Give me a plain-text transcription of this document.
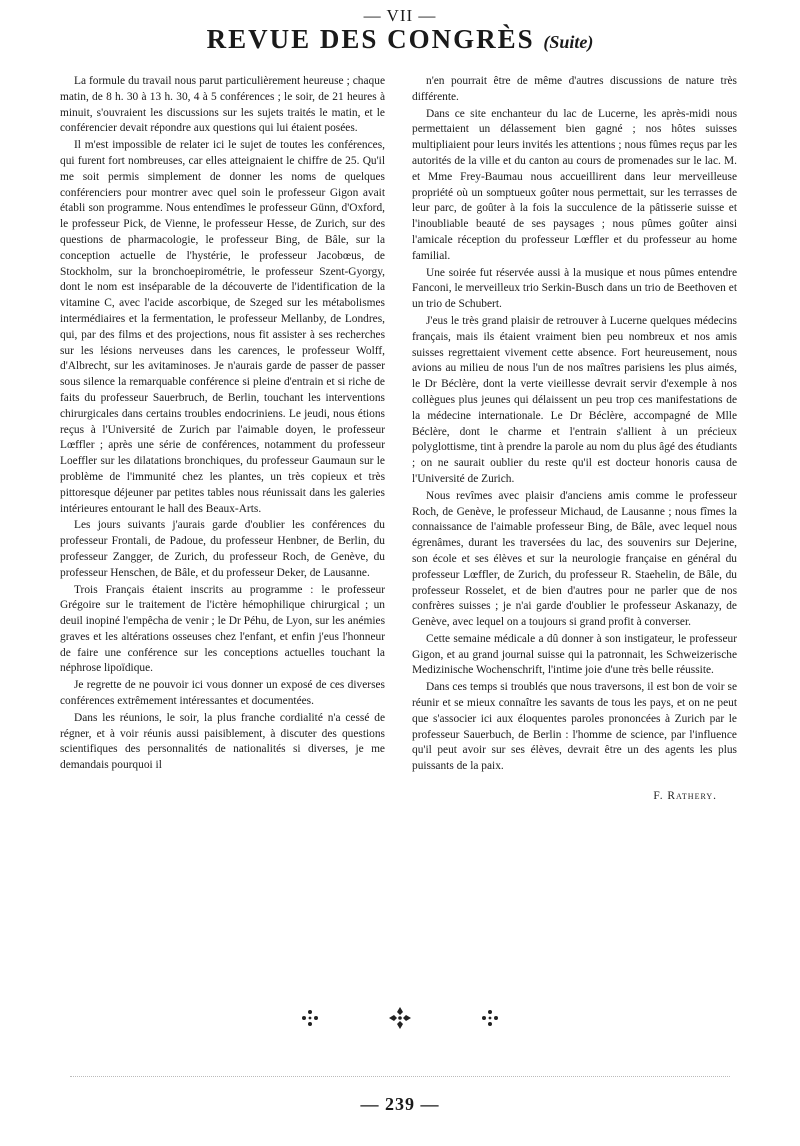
— VII —
REVUE DES CONGRÈS (Suite)

La formule du travail nous parut particulièrement heureuse ; chaque matin, de 8 h. 30 à 13 h. 30, 4 à 5 conférences ; le soir, de 21 heures à minuit, s'ouvraient les discussions sur les sujets traités le matin, et le conférencier devait répondre aux questions qui lui étaient posées.

Il m'est impossible de relater ici le sujet de toutes les conférences, qui furent fort nombreuses, car elles atteignaient le chiffre de 25. Qu'il me soit permis simplement de donner les noms de quelques conférenciers pour montrer avec quel soin le professeur Gigon avait établi son programme. Nous entendîmes le professeur Günn, d'Oxford, le professeur Pick, de Vienne, le professeur Hesse, de Zurich, sur des questions de pharmacologie, le professeur Bing, de Bâle, sur la conception actuelle de l'hystérie, le professeur Jacobœus, de Stockholm, sur la bronchoepirométrie, le professeur Szent-Gyorgy, dont le nom est inséparable de la découverte de l'identification de la vitamine C, avec l'acide ascorbique, de Szeged sur les métabolismes intermédiaires et la fermentation, le professeur Mellanby, de Londres, qui, par des films et des projections, nous fit assister à ses recherches sur les lésions nerveuses dans les carences, le professeur Wolff, d'Albrecht, sur les avitaminoses. Je n'aurais garde de passer de passer sous silence la remarquable conférence si pleine d'entrain et si riche de faits du professeur Sauerbruch, de Berlin, touchant les interventions chirurgicales dans certains troubles endocriniens. Le jeudi, nous étions reçus à l'Université de Zurich par l'aimable doyen, le professeur Lœffler ; après une série de conférences, notamment du professeur Loeffler sur les dilatations bronchiques, du professeur Gaumaun sur le problème de l'immunité chez les plantes, un très copieux et très pittoresque déjeuner par petites tables nous réunissait dans les galeries intérieures entourant le hall des Beaux-Arts.

Les jours suivants j'aurais garde d'oublier les conférences du professeur Frontali, de Padoue, du professeur Henbner, de Berlin, du professeur Zangger, de Zurich, du professeur Roch, de Genève, du professeur Henschen, de Bâle, et du professeur Deker, de Lausanne.

Trois Français étaient inscrits au programme : le professeur Grégoire sur le traitement de l'ictère hémophilique chirurgical ; un deuil inopiné l'empêcha de venir ; le Dr Péhu, de Lyon, sur les anémies graves et les altérations osseuses chez l'enfant, et enfin j'eus l'honneur de faire une conférence sur les conceptions actuelles touchant la néphrose lipoïdique.

Je regrette de ne pouvoir ici vous donner un exposé de ces diverses conférences extrêmement intéressantes et documentées.

Dans les réunions, le soir, la plus franche cordialité n'a cessé de régner, et à voir réunis aussi paisiblement, à discuter des questions scientifiques des personnalités de nationalités si diverses, je me demandais pourquoi il

n'en pourrait être de même d'autres discussions de nature très différente.

Dans ce site enchanteur du lac de Lucerne, les après-midi nous permettaient un délassement bien gagné ; nos hôtes suisses multipliaient pour leurs invités les attentions ; nous fûmes reçus par les autorités de la ville et du canton au cours de promenades sur le lac. M. et Mme Frey-Baumau nous accueillirent dans leur merveilleuse propriété où un somptueux goûter nous permettait, sur les terrasses de leur parc, de goûter à la fois la succulence de la pâtisserie suisse et l'inoubliable beauté de ses paysages ; nous pûmes goûter ainsi l'amicale réception du professeur Lœffler et du professeur au home familial.

Une soirée fut réservée aussi à la musique et nous pûmes entendre Fanconi, le merveilleux trio Serkin-Busch dans un trio de Beethoven et un trio de Schubert.

J'eus le très grand plaisir de retrouver à Lucerne quelques médecins français, mais ils étaient vraiment bien peu nombreux et nos amis suisses regrettaient vivement cette absence. Fort heureusement, nous avions au milieu de nous l'un de nos maîtres parisiens les plus aimés, le Dr Béclère, dont la verte vieillesse devrait servir d'exemple à nos collègues plus jeunes qui délaissent un peu trop ces manifestations de la médecine internationale. Le Dr Béclère, accompagné de Mlle Béclère, dont le charme et l'entrain s'allient à un précieux polyglottisme, tint à prendre la parole au nom du plus âgé des étudiants ; on ne saurait oublier du reste qu'il est docteur honoris causa de l'Université de Zurich.

Nous revîmes avec plaisir d'anciens amis comme le professeur Roch, de Genève, le professeur Michaud, de Lausanne ; nous fîmes la connaissance de l'aimable professeur Bing, de Bâle, avec lequel nous égrenâmes, durant les traversées du lac, des souvenirs sur Dejerine, son école et ses élèves et sur la neurologie française en général du professeur Lœffler, de Zurich, du professeur R. Staehelin, de Bâle, du professeur Rosselet, et de bien d'autres pour ne parler que de nos confrères suisses ; je n'ai garde d'oublier le professeur Askanazy, de Genève, avec lequel on a toujours si grand profit à converser.

Cette semaine médicale a dû donner à son instigateur, le professeur Gigon, et au grand journal suisse qui la patronnait, les Schweizerische Medizinische Wochenschrift, l'intime joie d'une très belle réussite.

Dans ces temps si troublés que nous traversons, il est bon de voir se réunir et se mieux connaître les savants de tous les pays, et on ne peut que s'associer ici aux éloquentes paroles prononcées à Zurich par le professeur Sauerbuch, de Berlin : l'homme de science, par l'influence qu'il peut avoir sur ses élèves, devrait être un des agents les plus puissants de la paix.

F. Rathery.
— 239 —
